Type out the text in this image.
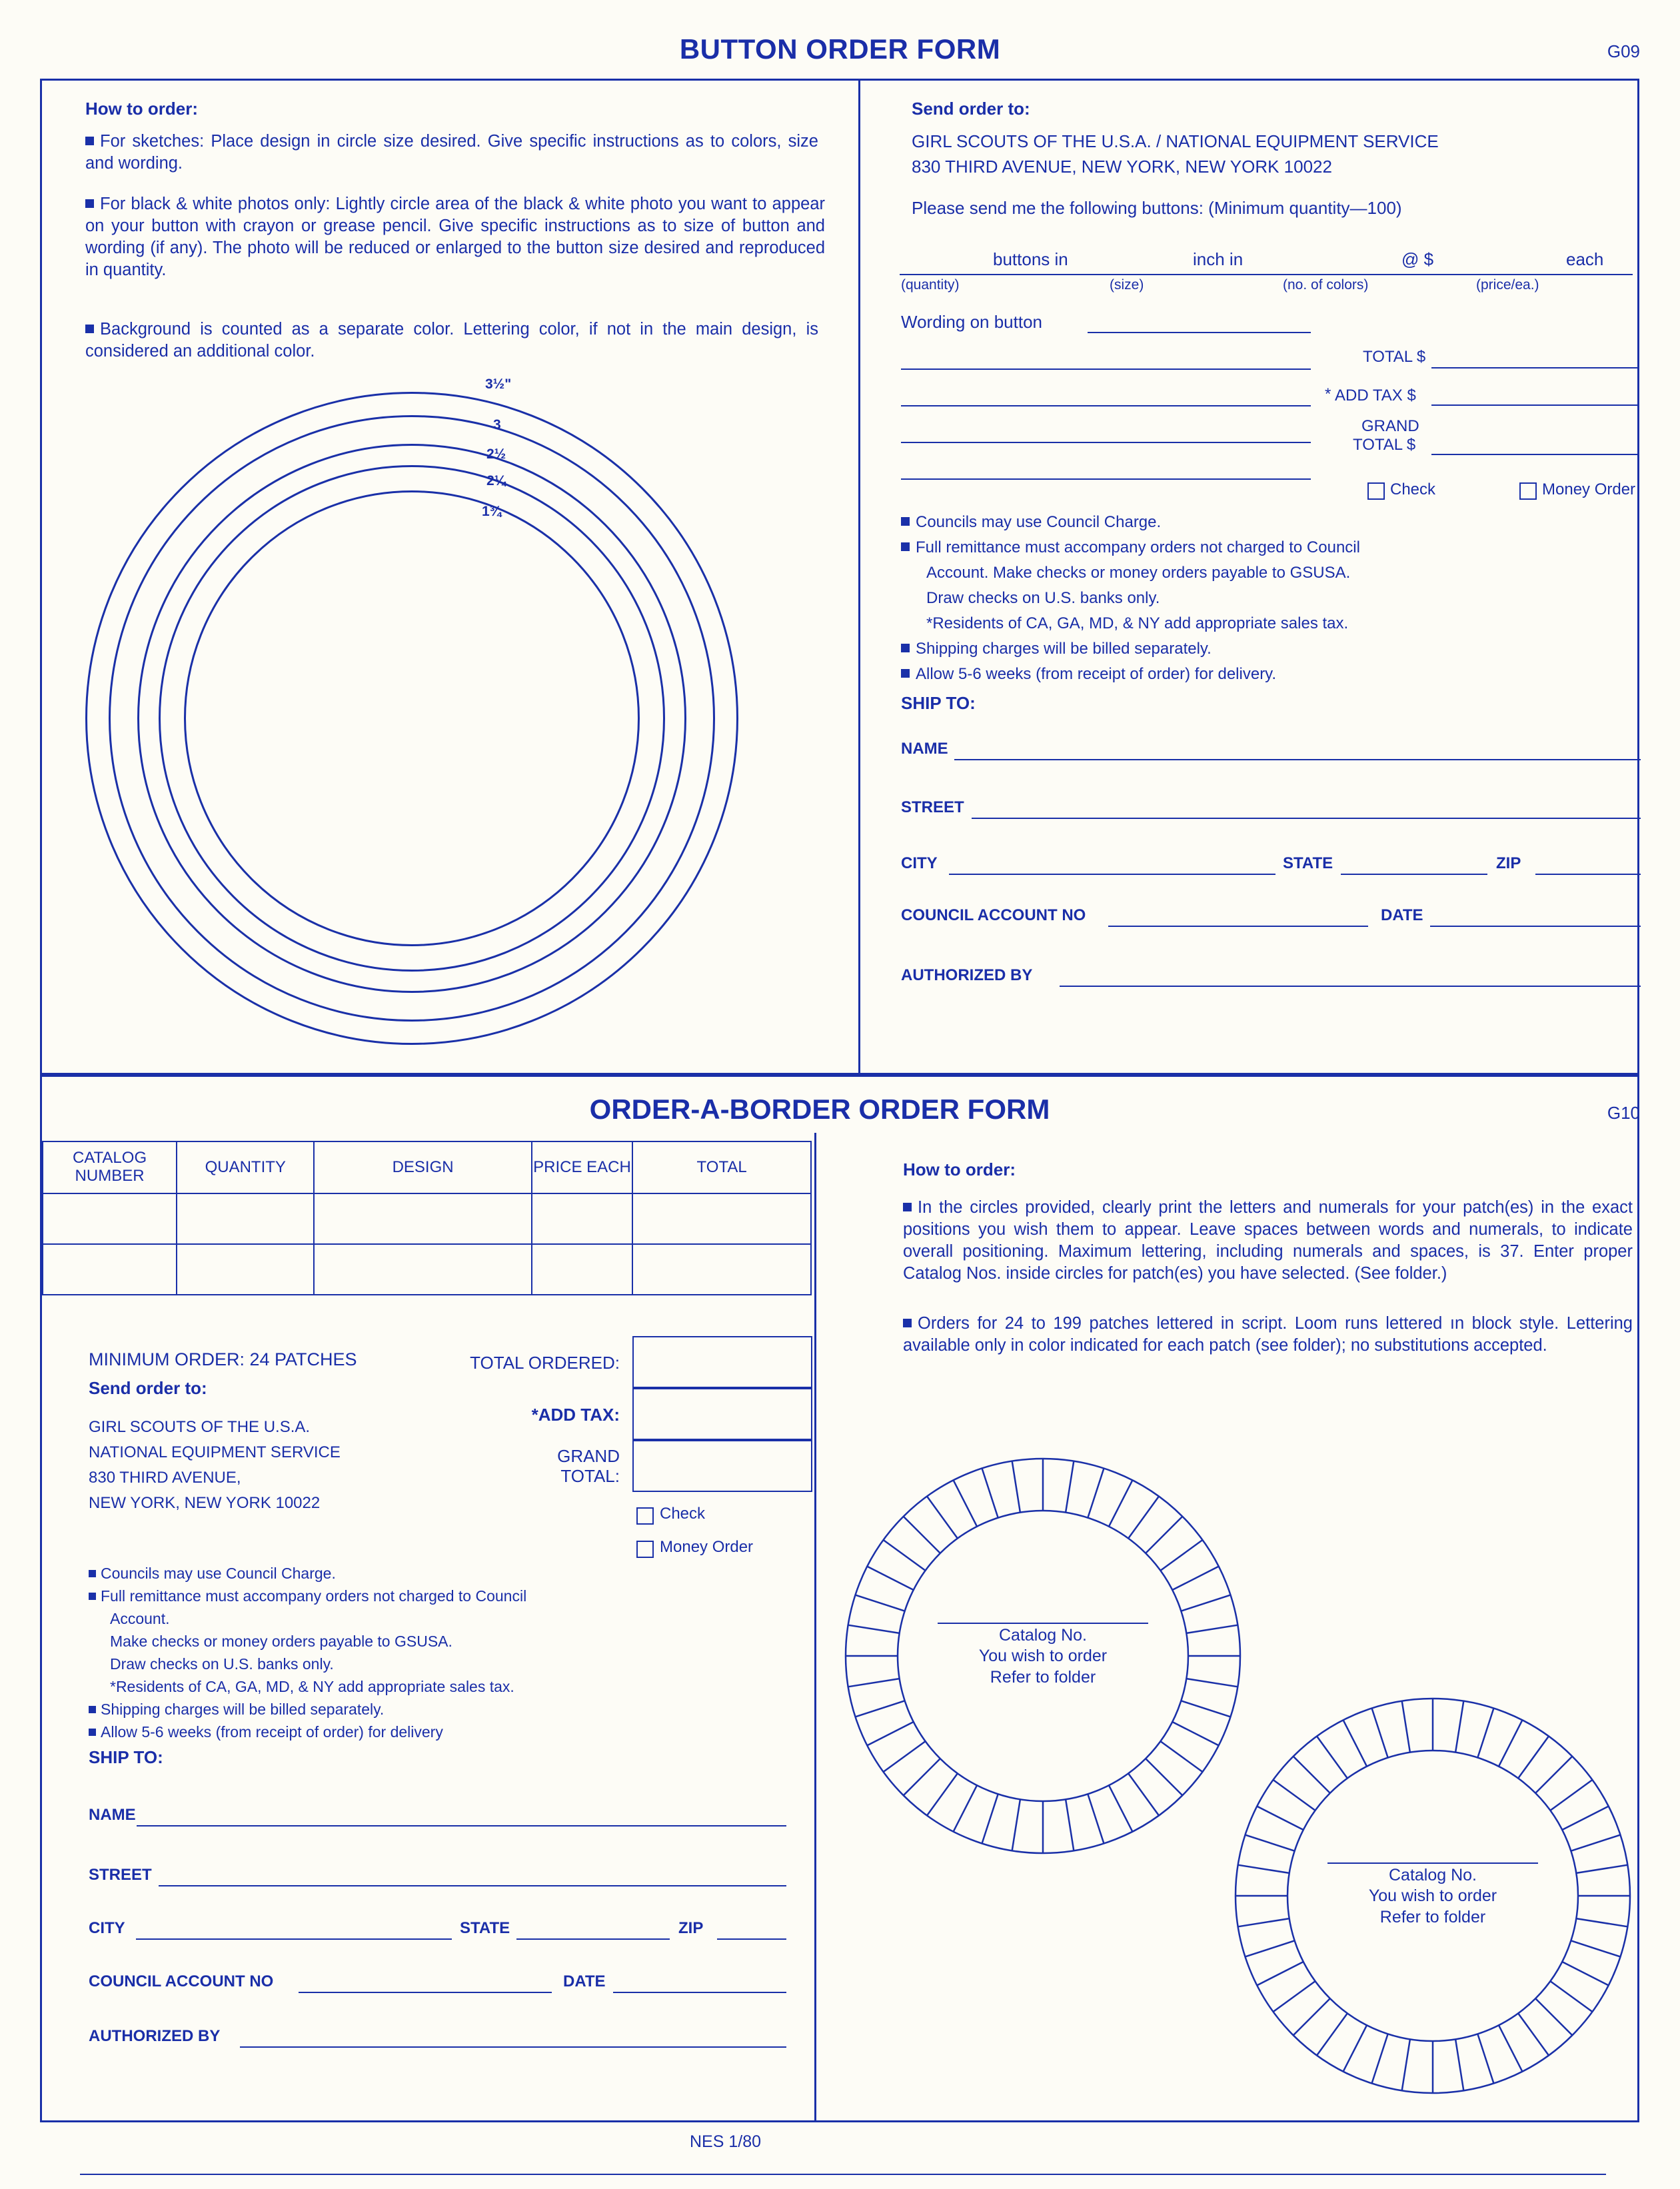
BUTTON ORDER FORM	G09
How to order:
For sketches: Place design in circle size desired. Give specific instructions as to colors, size and wording.
For black & white photos only: Lightly circle area of the black & white photo you want to appear on your button with crayon or grease pencil. Give specific instructions as to size of button and wording (if any). The photo will be reduced or enlarged to the button size desired and reproduced in quantity.
Background is counted as a separate color. Lettering color, if not in the main design, is considered an additional color.
3½"
3
2½
2¼
1¾
Send order to:
GIRL SCOUTS OF THE U.S.A. / NATIONAL EQUIPMENT SERVICE
830 THIRD AVENUE, NEW YORK, NEW YORK 10022
Please send me the following buttons: (Minimum quantity—100)
buttons in	inch in	@ $	each
(quantity)	(size)	(no. of colors)	(price/ea.)
Wording on button
TOTAL $
* ADD TAX $
GRAND
TOTAL $
Check	Money Order
Councils may use Council Charge.
Full remittance must accompany orders not charged to Council
Account. Make checks or money orders payable to GSUSA.
Draw checks on U.S. banks only.
*Residents of CA, GA, MD, & NY add appropriate sales tax.
Shipping charges will be billed separately.
Allow 5-6 weeks (from receipt of order) for delivery.
SHIP TO:
NAME
STREET
CITY	STATE	ZIP
COUNCIL ACCOUNT NO	DATE
AUTHORIZED BY
ORDER-A-BORDER ORDER FORM	G10
CATALOG NUMBER	QUANTITY	DESIGN	PRICE EACH	TOTAL

TOTAL ORDERED:
*ADD TAX:
GRAND
TOTAL:
MINIMUM ORDER: 24 PATCHES
Send order to:
GIRL SCOUTS OF THE U.S.A.
NATIONAL EQUIPMENT SERVICE
830 THIRD AVENUE,
NEW YORK, NEW YORK 10022
Check
Money Order
Councils may use Council Charge.
Full remittance must accompany orders not charged to Council
Account.
Make checks or money orders payable to GSUSA.
Draw checks on U.S. banks only.
*Residents of CA, GA, MD, & NY add appropriate sales tax.
Shipping charges will be billed separately.
Allow 5-6 weeks (from receipt of order) for delivery
SHIP TO:
NAME
STREET
CITY	STATE	ZIP
COUNCIL ACCOUNT NO	DATE
AUTHORIZED BY
How to order:
In the circles provided, clearly print the letters and numerals for your patch(es) in the exact positions you wish them to appear. Leave spaces between words and numerals, to indicate overall positioning. Maximum lettering, including numerals and spaces, is 37. Enter proper Catalog Nos. inside circles for patch(es) you have selected. (See folder.)
Orders for 24 to 199 patches lettered in script. Loom runs lettered ın block style. Lettering available only in color indicated for each patch (see folder); no substitutions accepted.
Catalog No.
You wish to order
Refer to folder
Catalog No.
You wish to order
Refer to folder
NES 1/80
